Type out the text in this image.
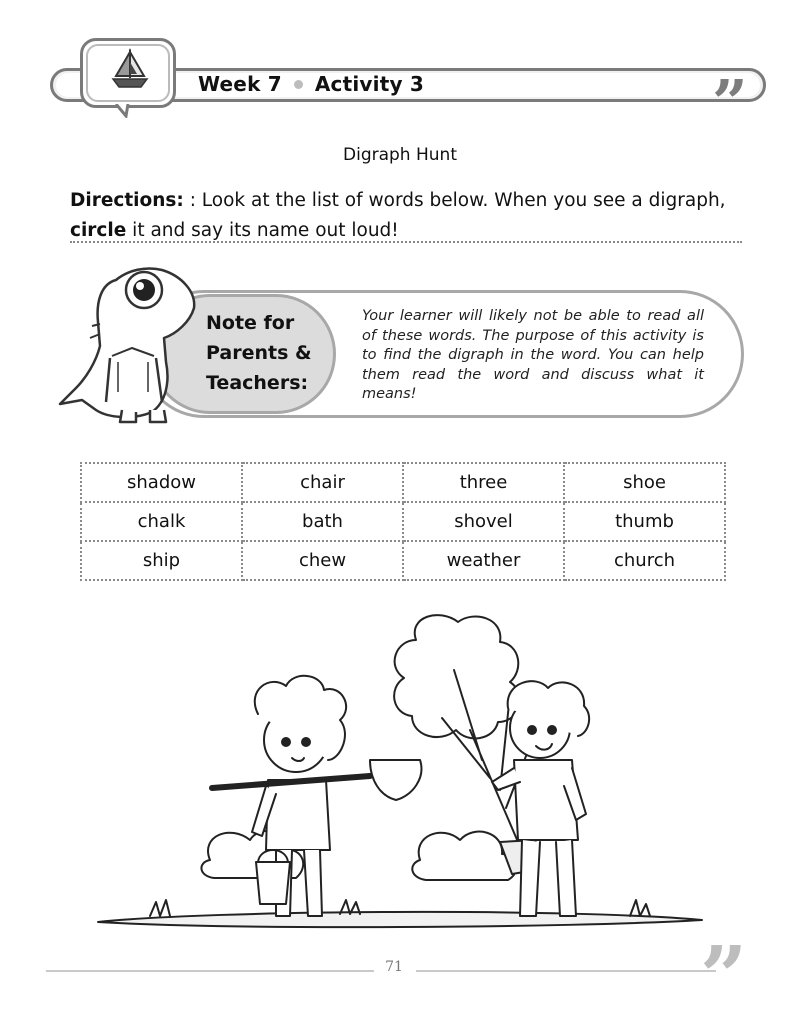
Week 7 Activity 3	”
Digraph Hunt
Directions: : Look at the list of words below. When you see a digraph,
circle it and say its name out loud!
Note for Parents & Teachers:
Your learner will likely not be able to read all of these words. The purpose of this activity is to find the digraph in the word. You can help them read the word and discuss what it means!
shadow	chair	three	shoe
chalk	bath	shovel	thumb
ship	chew	weather	church
71	”
